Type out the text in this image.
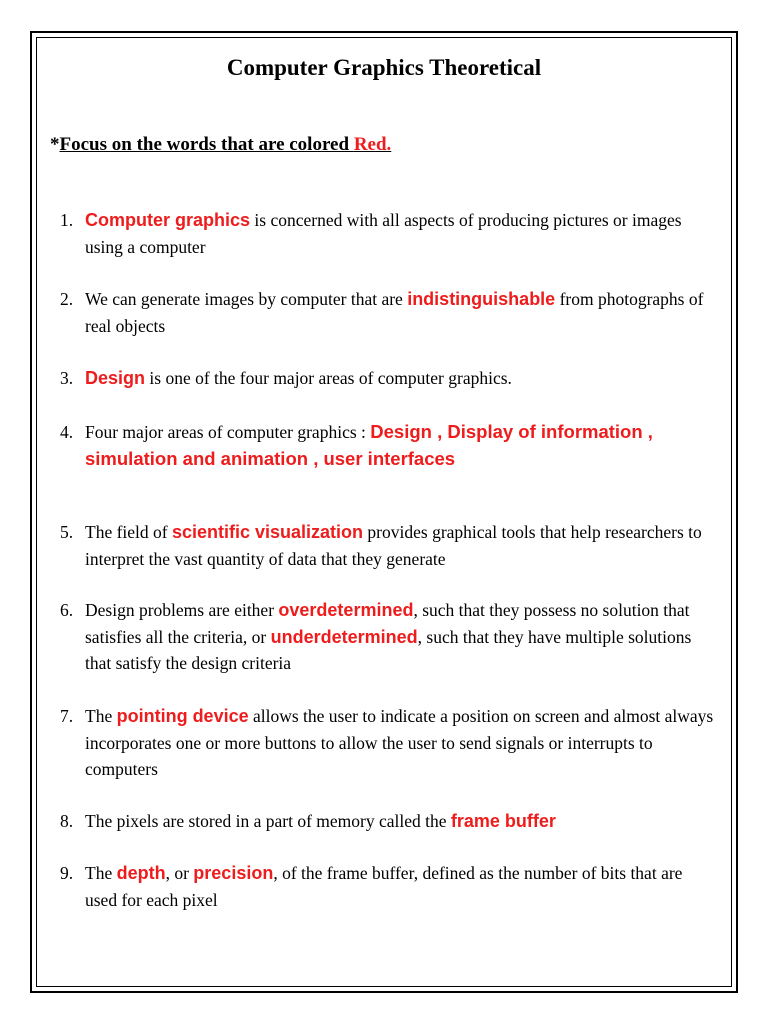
Computer Graphics Theoretical
*Focus on the words that are colored Red.
1. Computer graphics is concerned with all aspects of producing pictures or images using a computer
2. We can generate images by computer that are indistinguishable from photographs of real objects
3. Design is one of the four major areas of computer graphics.
4. Four major areas of computer graphics : Design , Display of information , simulation and animation , user interfaces
5. The field of scientific visualization provides graphical tools that help researchers to interpret the vast quantity of data that they generate
6. Design problems are either overdetermined, such that they possess no solution that satisfies all the criteria, or underdetermined, such that they have multiple solutions that satisfy the design criteria
7. The pointing device allows the user to indicate a position on screen and almost always incorporates one or more buttons to allow the user to send signals or interrupts to computers
8. The pixels are stored in a part of memory called the frame buffer
9. The depth, or precision, of the frame buffer, defined as the number of bits that are used for each pixel
